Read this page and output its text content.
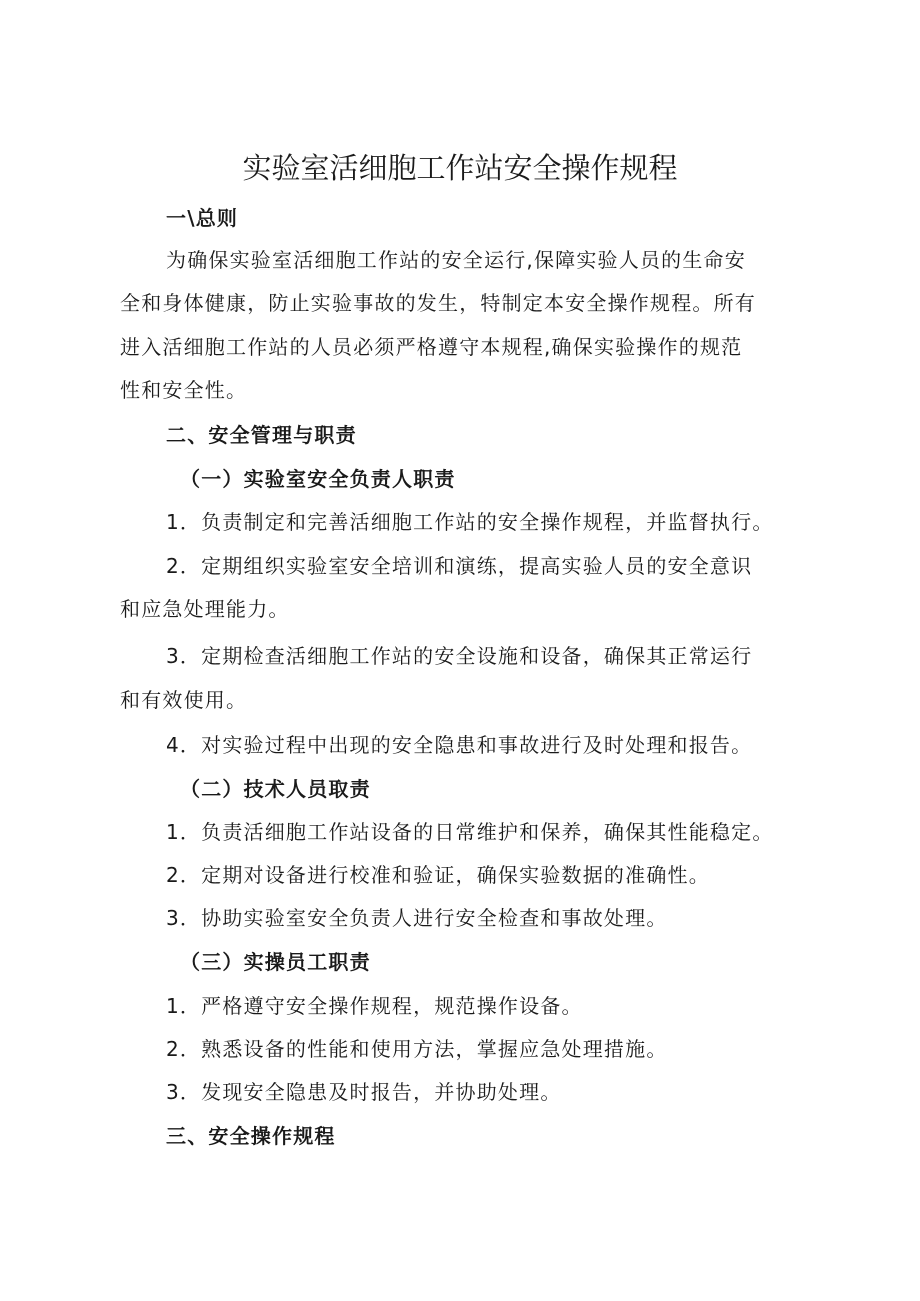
实验室活细胞工作站安全操作规程
一\总则
为确保实验室活细胞工作站的安全运行,保障实验人员的生命安
全和身体健康，防止实验事故的发生，特制定本安全操作规程。所有
进入活细胞工作站的人员必须严格遵守本规程,确保实验操作的规范
性和安全性。
二、安全管理与职责
（一）实验室安全负责人职责
1．负责制定和完善活细胞工作站的安全操作规程，并监督执行。
2．定期组织实验室安全培训和演练，提高实验人员的安全意识
和应急处理能力。
3．定期检查活细胞工作站的安全设施和设备，确保其正常运行
和有效使用。
4．对实验过程中出现的安全隐患和事故进行及时处理和报告。
（二）技术人员取责
1．负责活细胞工作站设备的日常维护和保养，确保其性能稳定。
2．定期对设备进行校准和验证，确保实验数据的准确性。
3．协助实验室安全负责人进行安全检查和事故处理。
（三）实操员工职责
1．严格遵守安全操作规程，规范操作设备。
2．熟悉设备的性能和使用方法，掌握应急处理措施。
3．发现安全隐患及时报告，并协助处理。
三、安全操作规程
